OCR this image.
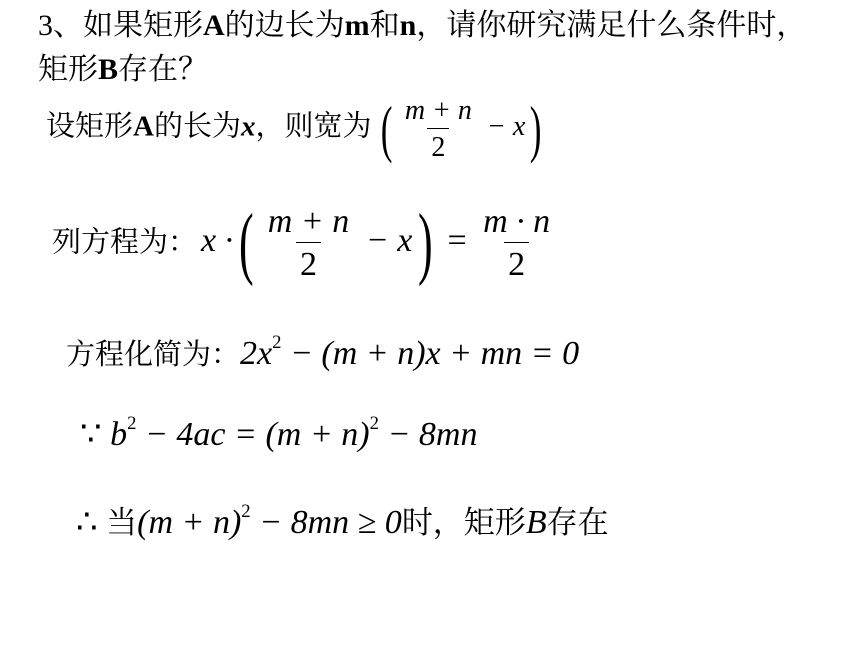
3、如果矩形A的边长为m和n，请你研究满足什么条件时，矩形B存在？
设矩形A的长为x，则宽为 ( $\frac{m + n}{2} - x$)
列方程为： x ·( $\frac{m + n}{2} - x) = \frac{m \cdot n}{2}$
方程化简为：$2x^2 - (m + n)x$ + mn = 0
∵ $b^2 - 4ac = (m + n)^2 - 8mn$
∴ 当$(m + n)^2 - 8mn \ge 0$时，矩形B存在
